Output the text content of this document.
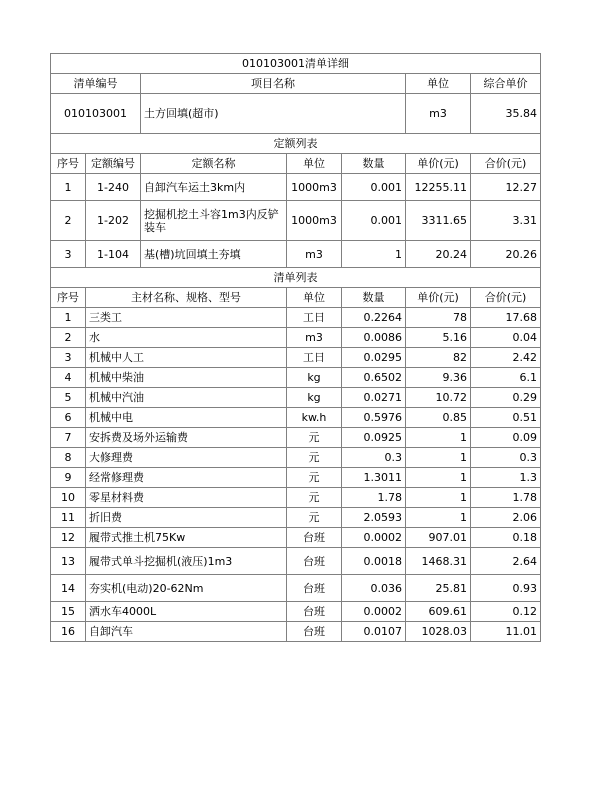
010103001清单详细						
清单编号		项目名称			单位	综合单价
010103001		土方回填(超市)			m3	35.84
定额列表						
序号	定额编号	定额名称	单位	数量	单价(元)	合价(元)
1	1-240	自卸汽车运土3km内	1000m3	0.001	12255.11	12.27
2	1-202	挖掘机挖土斗容1m3内反铲装车	1000m3	0.001	3311.65	3.31
3	1-104	基(槽)坑回填土夯填	m3	1	20.24	20.26
清单列表						
序号	主材名称、规格、型号		单位	数量	单价(元)	合价(元)
1	三类工		工日	0.2264	78	17.68
2	水		m3	0.0086	5.16	0.04
3	机械中人工		工日	0.0295	82	2.42
4	机械中柴油		kg	0.6502	9.36	6.1
5	机械中汽油		kg	0.0271	10.72	0.29
6	机械中电		kw.h	0.5976	0.85	0.51
7	安拆费及场外运输费		元	0.0925	1	0.09
8	大修理费		元	0.3	1	0.3
9	经常修理费		元	1.3011	1	1.3
10	零星材料费		元	1.78	1	1.78
11	折旧费		元	2.0593	1	2.06
12	履带式推土机75Kw		台班	0.0002	907.01	0.18
13	履带式单斗挖掘机(液压)1m3		台班	0.0018	1468.31	2.64
14	夯实机(电动)20-62Nm		台班	0.036	25.81	0.93
15	洒水车4000L		台班	0.0002	609.61	0.12
16	自卸汽车		台班	0.0107	1028.03	11.01
